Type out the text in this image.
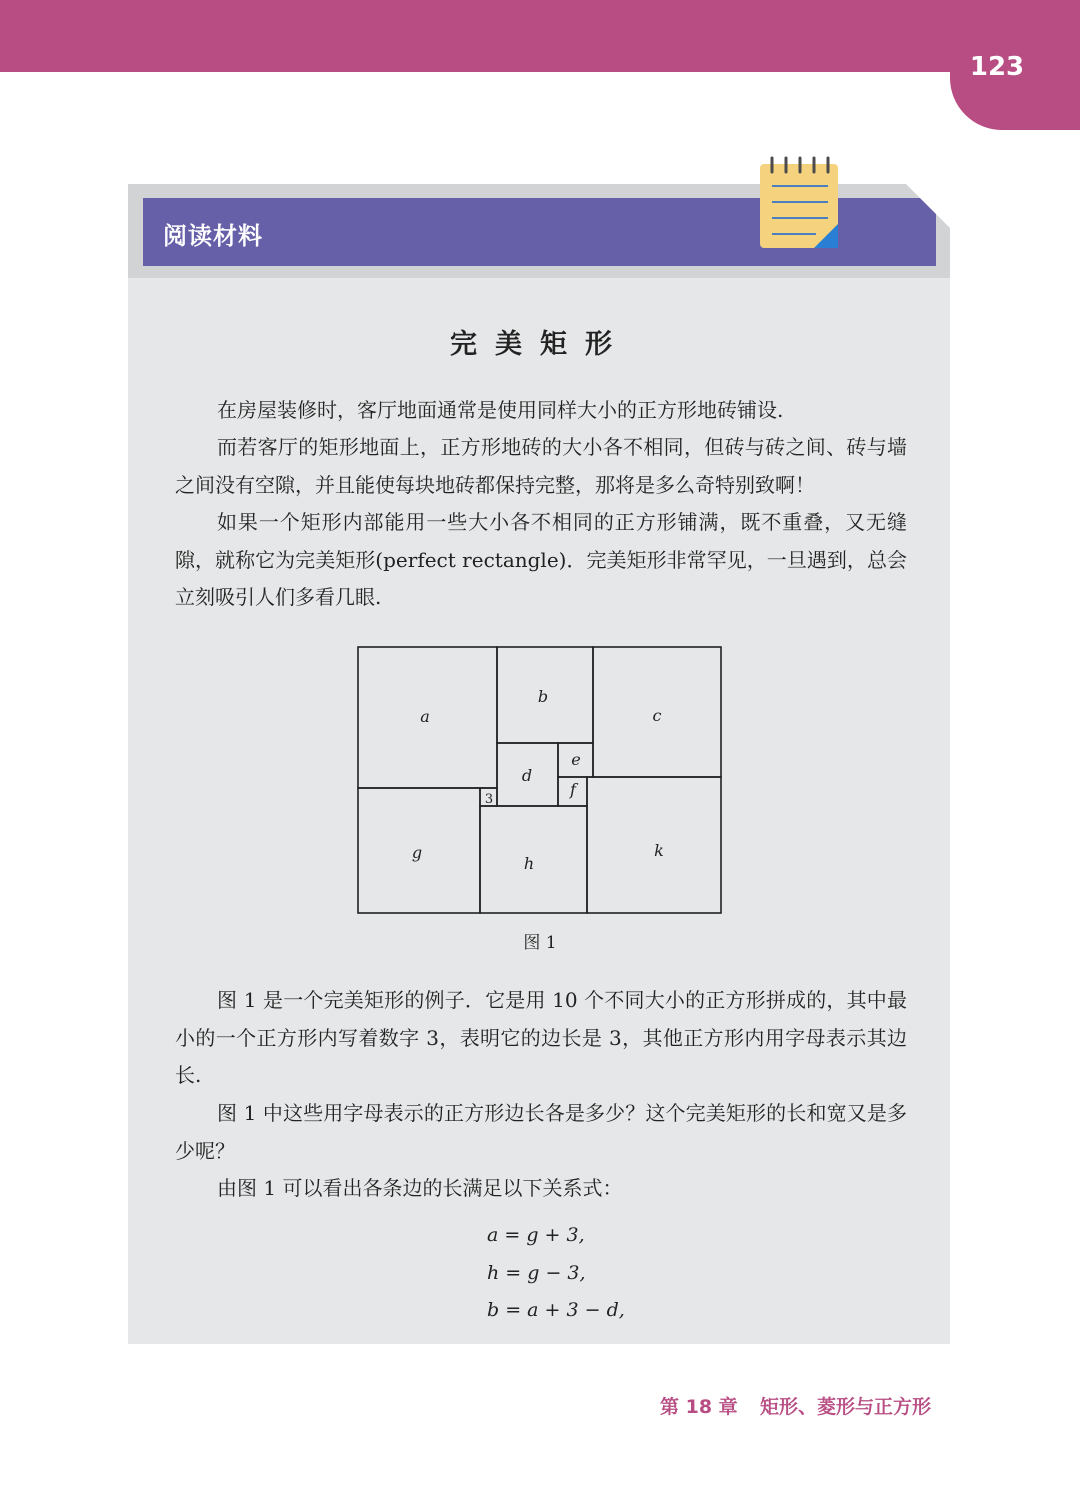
123
阅读材料
完美矩形

在房屋装修时，客厅地面通常是使用同样大小的正方形地砖铺设.

而若客厅的矩形地面上，正方形地砖的大小各不相同，但砖与砖之间、砖与墙之间没有空隙，并且能使每块地砖都保持完整，那将是多么奇特别致啊！

如果一个矩形内部能用一些大小各不相同的正方形铺满，既不重叠，又无缝隙，就称它为完美矩形(perfect rectangle)．完美矩形非常罕见，一旦遇到，总会立刻吸引人们多看几眼.

a
b
c
d
e
f
g
h
k
3
图 1

图 1 是一个完美矩形的例子．它是用 10 个不同大小的正方形拼成的，其中最小的一个正方形内写着数字 3，表明它的边长是 3，其他正方形内用字母表示其边长.

图 1 中这些用字母表示的正方形边长各是多少？这个完美矩形的长和宽又是多少呢？

由图 1 可以看出各条边的长满足以下关系式：

a = g + 3,
h = g − 3,
b = a + 3 − d,
第 18 章 矩形、菱形与正方形
